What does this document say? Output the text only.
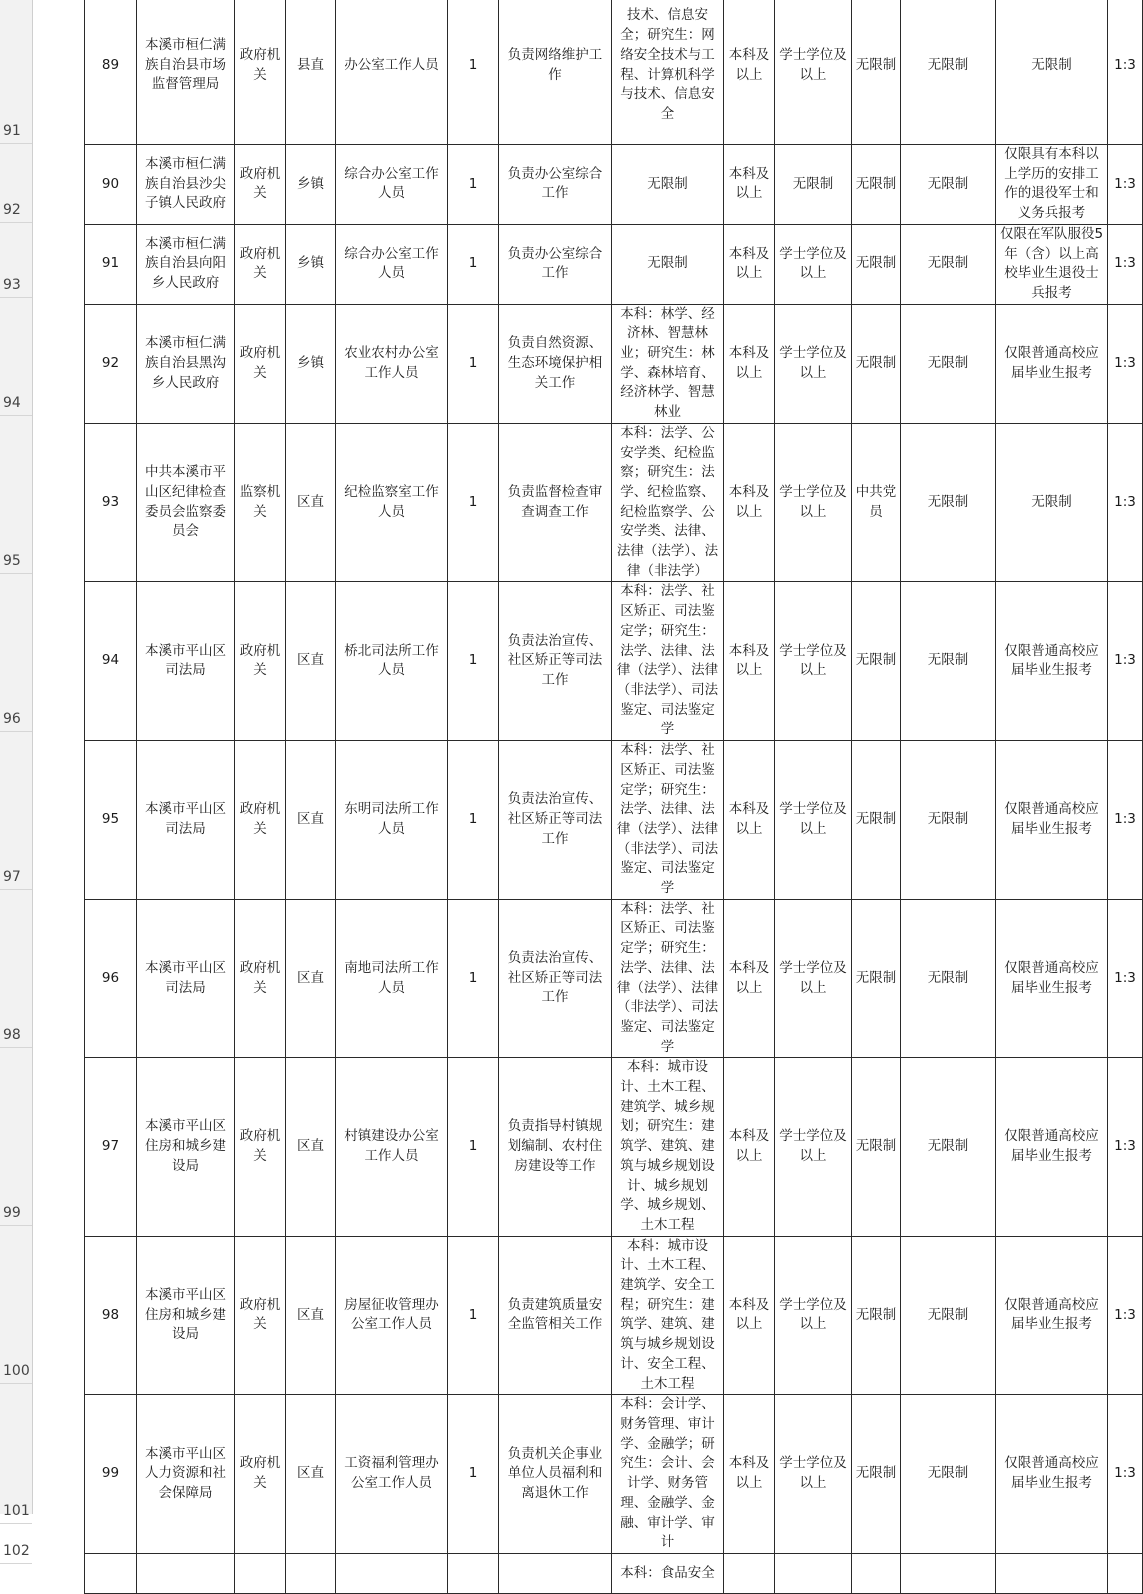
91
92
93
94
95
96
97
98
99
100
101
102
89	本溪市桓仁满族自治县市场监督管理局	政府机关	县直	办公室工作人员	1	负责网络维护工作	技术、信息安全；研究生：网络安全技术与工程、计算机科学与技术、信息安全	本科及以上	学士学位及以上	无限制	无限制	无限制	1:3
90	本溪市桓仁满族自治县沙尖子镇人民政府	政府机关	乡镇	综合办公室工作人员	1	负责办公室综合工作	无限制	本科及以上	无限制	无限制	无限制	仅限具有本科以上学历的安排工作的退役军士和义务兵报考	1:3
91	本溪市桓仁满族自治县向阳乡人民政府	政府机关	乡镇	综合办公室工作人员	1	负责办公室综合工作	无限制	本科及以上	学士学位及以上	无限制	无限制	仅限在军队服役5年（含）以上高校毕业生退役士兵报考	1:3
92	本溪市桓仁满族自治县黑沟乡人民政府	政府机关	乡镇	农业农村办公室工作人员	1	负责自然资源、生态环境保护相关工作	本科：林学、经济林、智慧林业；研究生：林学、森林培育、经济林学、智慧林业	本科及以上	学士学位及以上	无限制	无限制	仅限普通高校应届毕业生报考	1:3
93	中共本溪市平山区纪律检查委员会监察委员会	监察机关	区直	纪检监察室工作人员	1	负责监督检查审查调查工作	本科：法学、公安学类、纪检监察；研究生：法学、纪检监察、纪检监察学、公安学类、法律、法律（法学）、法律（非法学）	本科及以上	学士学位及以上	中共党员	无限制	无限制	1:3
94	本溪市平山区司法局	政府机关	区直	桥北司法所工作人员	1	负责法治宣传、社区矫正等司法工作	本科：法学、社区矫正、司法鉴定学；研究生：法学、法律、法律（法学）、法律（非法学）、司法鉴定、司法鉴定学	本科及以上	学士学位及以上	无限制	无限制	仅限普通高校应届毕业生报考	1:3
95	本溪市平山区司法局	政府机关	区直	东明司法所工作人员	1	负责法治宣传、社区矫正等司法工作	本科：法学、社区矫正、司法鉴定学；研究生：法学、法律、法律（法学）、法律（非法学）、司法鉴定、司法鉴定学	本科及以上	学士学位及以上	无限制	无限制	仅限普通高校应届毕业生报考	1:3
96	本溪市平山区司法局	政府机关	区直	南地司法所工作人员	1	负责法治宣传、社区矫正等司法工作	本科：法学、社区矫正、司法鉴定学；研究生：法学、法律、法律（法学）、法律（非法学）、司法鉴定、司法鉴定学	本科及以上	学士学位及以上	无限制	无限制	仅限普通高校应届毕业生报考	1:3
97	本溪市平山区住房和城乡建设局	政府机关	区直	村镇建设办公室工作人员	1	负责指导村镇规划编制、农村住房建设等工作	本科：城市设计、土木工程、建筑学、城乡规划；研究生：建筑学、建筑、建筑与城乡规划设计、城乡规划学、城乡规划、土木工程	本科及以上	学士学位及以上	无限制	无限制	仅限普通高校应届毕业生报考	1:3
98	本溪市平山区住房和城乡建设局	政府机关	区直	房屋征收管理办公室工作人员	1	负责建筑质量安全监管相关工作	本科：城市设计、土木工程、建筑学、安全工程；研究生：建筑学、建筑、建筑与城乡规划设计、安全工程、土木工程	本科及以上	学士学位及以上	无限制	无限制	仅限普通高校应届毕业生报考	1:3
99	本溪市平山区人力资源和社会保障局	政府机关	区直	工资福利管理办公室工作人员	1	负责机关企事业单位人员福利和离退休工作	本科：会计学、财务管理、审计学、金融学；研究生：会计、会计学、财务管理、金融学、金融、审计学、审计	本科及以上	学士学位及以上	无限制	无限制	仅限普通高校应届毕业生报考	1:3
							本科：食品安全						
